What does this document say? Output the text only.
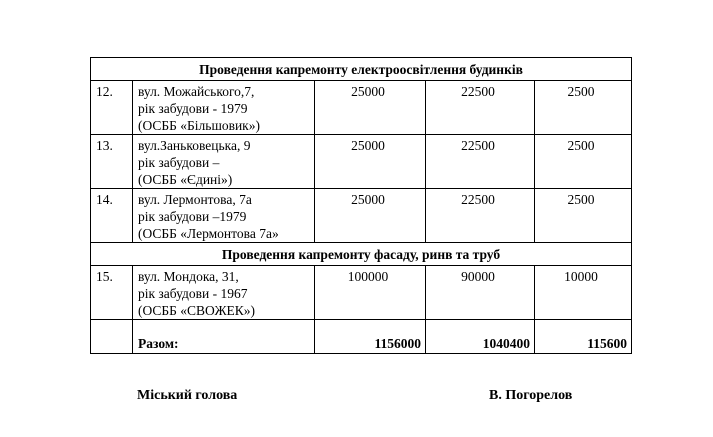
Проведення капремонту електроосвітлення будинків				
12.	вул. Можайського,7,
рік забудови - 1979
(ОСББ «Більшовик»)	25000	22500	2500
13.	вул.Заньковецька, 9
рік забудови –
(ОСББ «Єдині»)	25000	22500	2500
14.	вул. Лермонтова, 7а
рік забудови –1979
(ОСББ «Лермонтова 7а»	25000	22500	2500
Проведення капремонту фасаду, ринв та труб				
15.	вул. Мондока, 31,
рік забудови - 1967
(ОСББ «СВОЖЕК»)	100000	90000	10000
	Разом:	1156000	1040400	115600
Міський голова	В. Погорелов
